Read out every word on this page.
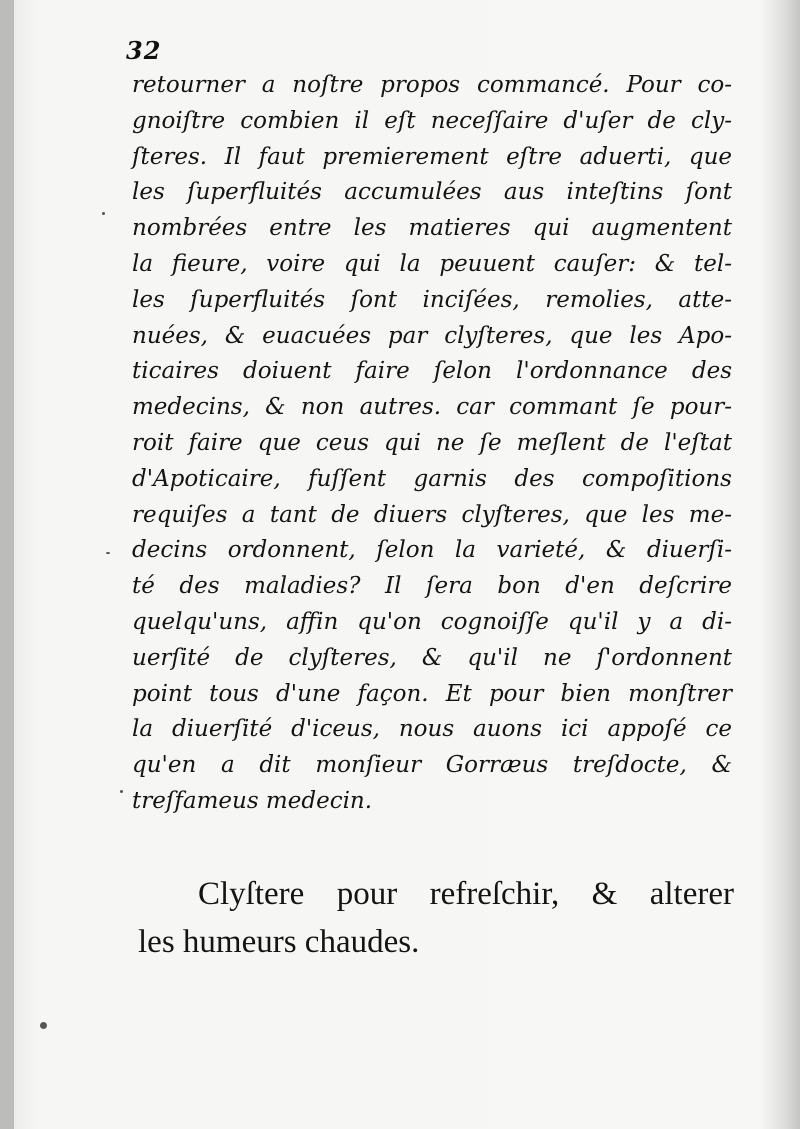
32
retourner a noſtre propos commancé. Pour co-
gnoiſtre combien il eſt neceſſaire d'uſer de cly-
ſteres. Il faut premierement eſtre aduerti, que
les ſuperfluités accumulées aus inteſtins ſont
nombrées entre les matieres qui augmentent
la fieure, voire qui la peuuent cauſer: & tel-
les ſuperfluités ſont inciſées, remolies, atte-
nuées, & euacuées par clyſteres, que les Apo-
ticaires doiuent faire ſelon l'ordonnance des
medecins, & non autres. car commant ſe pour-
roit faire que ceus qui ne ſe meſlent de l'eſtat
d'Apoticaire, fuſſent garnis des compoſitions
requiſes a tant de diuers clyſteres, que les me-
decins ordonnent, ſelon la varieté, & diuerſi-
té des maladies? Il ſera bon d'en deſcrire
quelqu'uns, affin qu'on cognoiſſe qu'il y a di-
uerſité de clyſteres, & qu'il ne ſ'ordonnent
point tous d'une façon. Et pour bien monſtrer
la diuerſité d'iceus, nous auons ici appoſé ce
qu'en a dit monſieur Gorræus treſdocte, &
treſfameus medecin.
Clyſtere pour refreſchir, & alterer
les humeurs chaudes.
